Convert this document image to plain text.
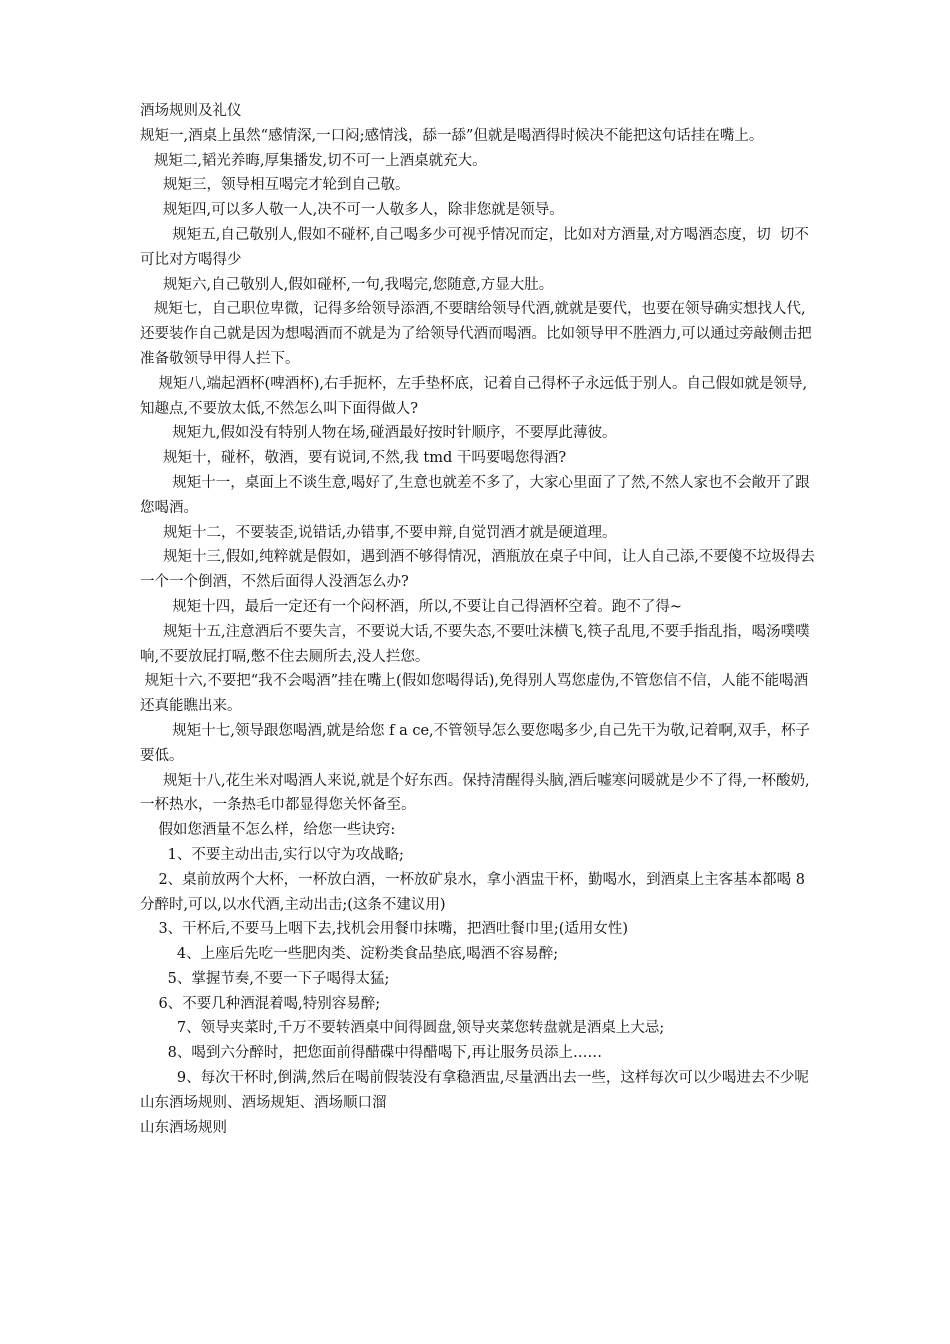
酒场规则及礼仪

规矩一,酒桌上虽然“感情深,一口闷;感情浅，舔一舔”但就是喝酒得时候决不能把这句话挂在嘴上。

规矩二,韬光养晦,厚集播发,切不可一上酒桌就充大。

规矩三，领导相互喝完才轮到自己敬。

规矩四,可以多人敬一人,决不可一人敬多人，除非您就是领导。

规矩五,自己敬别人,假如不碰杯,自己喝多少可视乎情况而定，比如对方酒量,对方喝酒态度，切  切不可比对方喝得少

规矩六,自己敬别人,假如碰杯,一句,我喝完,您随意,方显大肚。

规矩七，自己职位卑微，记得多给领导添酒,不要瞎给领导代酒,就就是要代，也要在领导确实想找人代,还要装作自己就是因为想喝酒而不就是为了给领导代酒而喝酒。比如领导甲不胜酒力,可以通过旁敲侧击把准备敬领导甲得人拦下。

规矩八,端起酒杯(啤酒杯),右手扼杯，左手垫杯底，记着自己得杯子永远低于别人。自己假如就是领导,知趣点,不要放太低,不然怎么叫下面得做人?

规矩九,假如没有特别人物在场,碰酒最好按时针顺序，不要厚此薄彼。

规矩十，碰杯，敬酒，要有说词,不然,我 tmd 干吗要喝您得酒?

规矩十一，桌面上不谈生意,喝好了,生意也就差不多了，大家心里面了了然,不然人家也不会敞开了跟您喝酒。

规矩十二，不要装歪,说错话,办错事,不要申辩,自觉罚酒才就是硬道理。

规矩十三,假如,纯粹就是假如，遇到酒不够得情况，酒瓶放在桌子中间，让人自己添,不要傻不垃圾得去一个一个倒酒，不然后面得人没酒怎么办?

规矩十四，最后一定还有一个闷杯酒，所以,不要让自己得酒杯空着。跑不了得~

规矩十五,注意酒后不要失言，不要说大话,不要失态,不要吐沫横飞,筷子乱甩,不要手指乱指，喝汤噗噗响,不要放屁打嗝,憋不住去厕所去,没人拦您。

规矩十六,不要把“我不会喝酒”挂在嘴上(假如您喝得话),免得别人骂您虚伪,不管您信不信，人能不能喝酒还真能瞧出来。

规矩十七,领导跟您喝酒,就是给您 f a ce,不管领导怎么要您喝多少,自己先干为敬,记着啊,双手，杯子要低。

规矩十八,花生米对喝酒人来说,就是个好东西。保持清醒得头脑,酒后嘘寒问暖就是少不了得,一杯酸奶,一杯热水，一条热毛巾都显得您关怀备至。

假如您酒量不怎么样，给您一些诀窍:

1、不要主动出击,实行以守为攻战略;

2、桌前放两个大杯，一杯放白酒，一杯放矿泉水，拿小酒盅干杯，勤喝水，到酒桌上主客基本都喝 8 分醉时,可以,以水代酒,主动出击;(这条不建议用)

3、干杯后,不要马上咽下去,找机会用餐巾抹嘴，把酒吐餐巾里;(适用女性)

4、上座后先吃一些肥肉类、淀粉类食品垫底,喝酒不容易醉;

5、掌握节奏,不要一下子喝得太猛;

6、不要几种酒混着喝,特别容易醉;

7、领导夹菜时,千万不要转酒桌中间得圆盘,领导夹菜您转盘就是酒桌上大忌;

8、喝到六分醉时，把您面前得醋碟中得醋喝下,再让服务员添上……

9、每次干杯时,倒满,然后在喝前假装没有拿稳酒盅,尽量洒出去一些，这样每次可以少喝进去不少呢

山东酒场规则、酒场规矩、酒场顺口溜

山东酒场规则
